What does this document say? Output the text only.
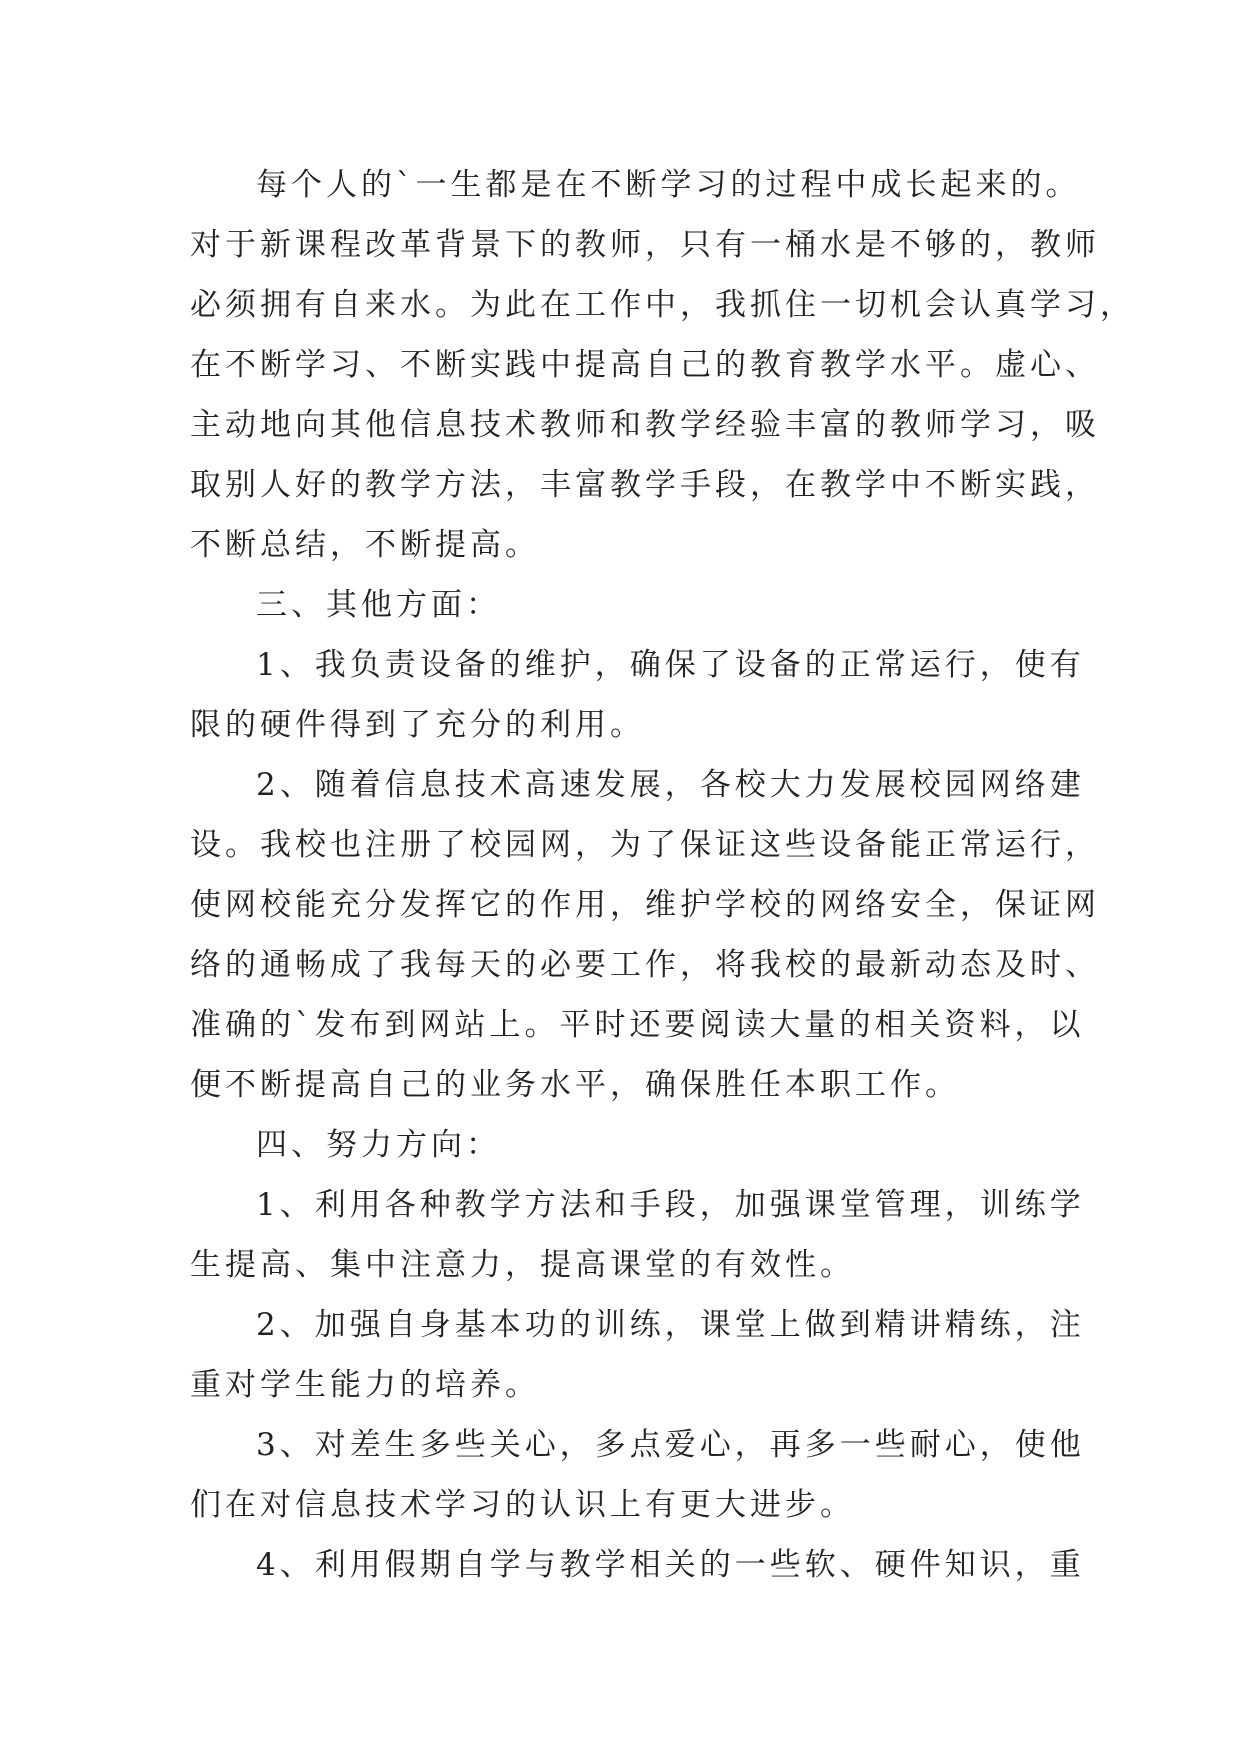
每个人的`一生都是在不断学习的过程中成长起来的。
对于新课程改革背景下的教师，只有一桶水是不够的，教师
必须拥有自来水。为此在工作中，我抓住一切机会认真学习，
在不断学习、不断实践中提高自己的教育教学水平。虚心、
主动地向其他信息技术教师和教学经验丰富的教师学习，吸
取别人好的教学方法，丰富教学手段，在教学中不断实践，
不断总结，不断提高。
三、其他方面：
1、我负责设备的维护，确保了设备的正常运行，使有
限的硬件得到了充分的利用。
2、随着信息技术高速发展，各校大力发展校园网络建
设。我校也注册了校园网，为了保证这些设备能正常运行，
使网校能充分发挥它的作用，维护学校的网络安全，保证网
络的通畅成了我每天的必要工作，将我校的最新动态及时、
准确的`发布到网站上。平时还要阅读大量的相关资料，以
便不断提高自己的业务水平，确保胜任本职工作。
四、努力方向：
1、利用各种教学方法和手段，加强课堂管理，训练学
生提高、集中注意力，提高课堂的有效性。
2、加强自身基本功的训练，课堂上做到精讲精练，注
重对学生能力的培养。
3、对差生多些关心，多点爱心，再多一些耐心，使他
们在对信息技术学习的认识上有更大进步。
4、利用假期自学与教学相关的一些软、硬件知识，重
